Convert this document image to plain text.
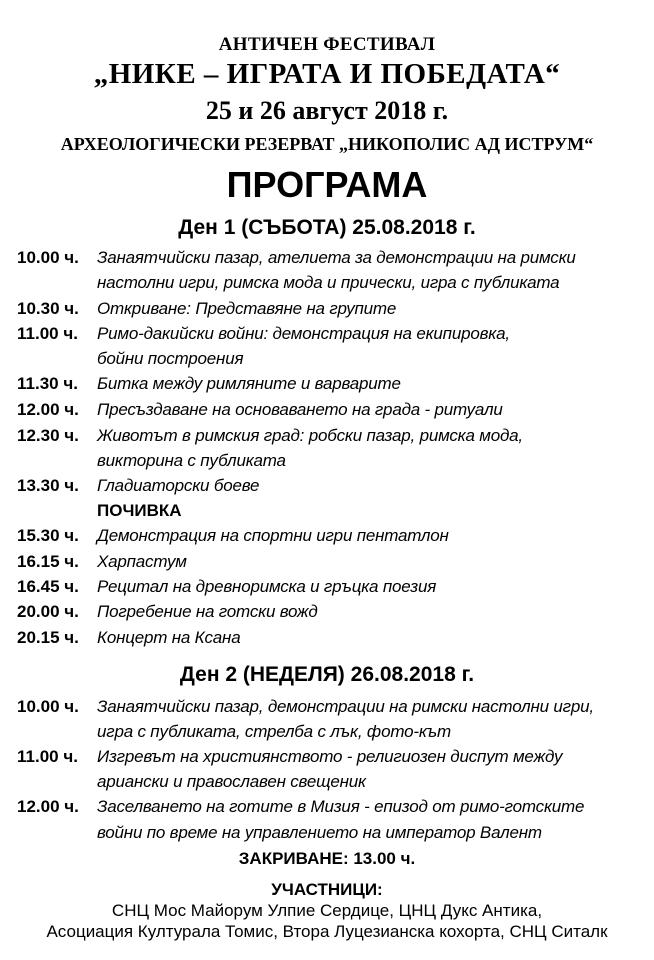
АНТИЧЕН ФЕСТИВАЛ
„НИКЕ – ИГРАТА И ПОБЕДАТА“
25 и 26 август 2018 г.
АРХЕОЛОГИЧЕСКИ РЕЗЕРВАТ „НИКОПОЛИС АД ИСТРУМ“
ПРОГРАМА
Ден 1 (СЪБОТА) 25.08.2018 г.
10.00 ч. Занаятчийски пазар, ателиета за демонстрации на римски
настолни игри, римска мода и прически, игра с публиката
10.30 ч. Откриване: Представяне на групите
11.00 ч. Римо-дакийски войни: демонстрация на екипировка,
бойни построения
11.30 ч. Битка между римляните и варварите
12.00 ч. Пресъздаване на основаването на града - ритуали
12.30 ч. Животът в римския град: робски пазар, римска мода,
викторина с публиката
13.30 ч. Гладиаторски боеве
ПОЧИВКА
15.30 ч. Демонстрация на спортни игри пентатлон
16.15 ч. Харпастум
16.45 ч. Рецитал на древноримска и гръцка поезия
20.00 ч. Погребение на готски вожд
20.15 ч. Концерт на Ксана
Ден 2 (НЕДЕЛЯ) 26.08.2018 г.
10.00 ч. Занаятчийски пазар, демонстрации на римски настолни игри,
игра с публиката, стрелба с лък, фото-кът
11.00 ч. Изгревът на християнството - религиозен диспут между
ариански и православен свещеник
12.00 ч. Заселването на готите в Мизия - епизод от римо-готските
войни по време на управлението на император Валент
ЗАКРИВАНЕ: 13.00 ч.
УЧАСТНИЦИ:
СНЦ Мос Майорум Улпие Сердице, ЦНЦ Дукс Антика,
Асоциация Културала Томис, Втора Луцезианска кохорта, СНЦ Ситалк
